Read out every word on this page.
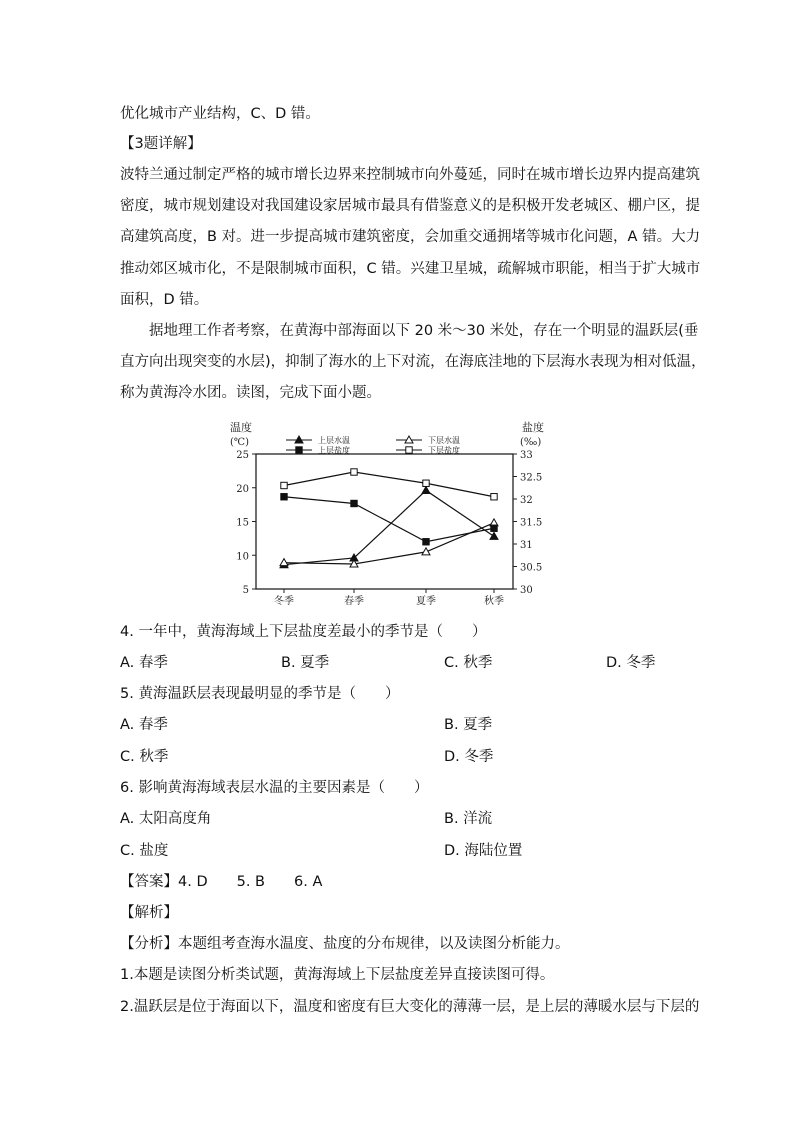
优化城市产业结构，C、D 错。
【3题详解】
波特兰通过制定严格的城市增长边界来控制城市向外蔓延，同时在城市增长边界内提高建筑
密度，城市规划建设对我国建设家居城市最具有借鉴意义的是积极开发老城区、棚户区，提
高建筑高度，B 对。进一步提高城市建筑密度，会加重交通拥堵等城市化问题，A 错。大力
推动郊区城市化，不是限制城市面积，C 错。兴建卫星城，疏解城市职能，相当于扩大城市
面积，D 错。
据地理工作者考察，在黄海中部海面以下 20 米～30 米处，存在一个明显的温跃层(垂
直方向出现突变的水层)，抑制了海水的上下对流，在海底洼地的下层海水表现为相对低温，
称为黄海冷水团。读图，完成下面小题。
温度
(℃)
盐度
(‰)
5
10
15
20
25
30
30.5
31
31.5
32
32.5
33
冬季	春季	夏季	秋季
上层水温	下层水温
上层盐度	下层盐度
4. 一年中，黄海海域上下层盐度差最小的季节是（　　）
A. 春季	B. 夏季	C. 秋季	D. 冬季
5. 黄海温跃层表现最明显的季节是（　　）
A. 春季	B. 夏季
C. 秋季	D. 冬季
6. 影响黄海海域表层水温的主要因素是（　　）
A. 太阳高度角	B. 洋流
C. 盐度	D. 海陆位置
【答案】4. D　　5. B　　6. A
【解析】
【分析】本题组考查海水温度、盐度的分布规律，以及读图分析能力。
1.本题是读图分析类试题，黄海海域上下层盐度差异直接读图可得。
2.温跃层是位于海面以下，温度和密度有巨大变化的薄薄一层，是上层的薄暖水层与下层的
